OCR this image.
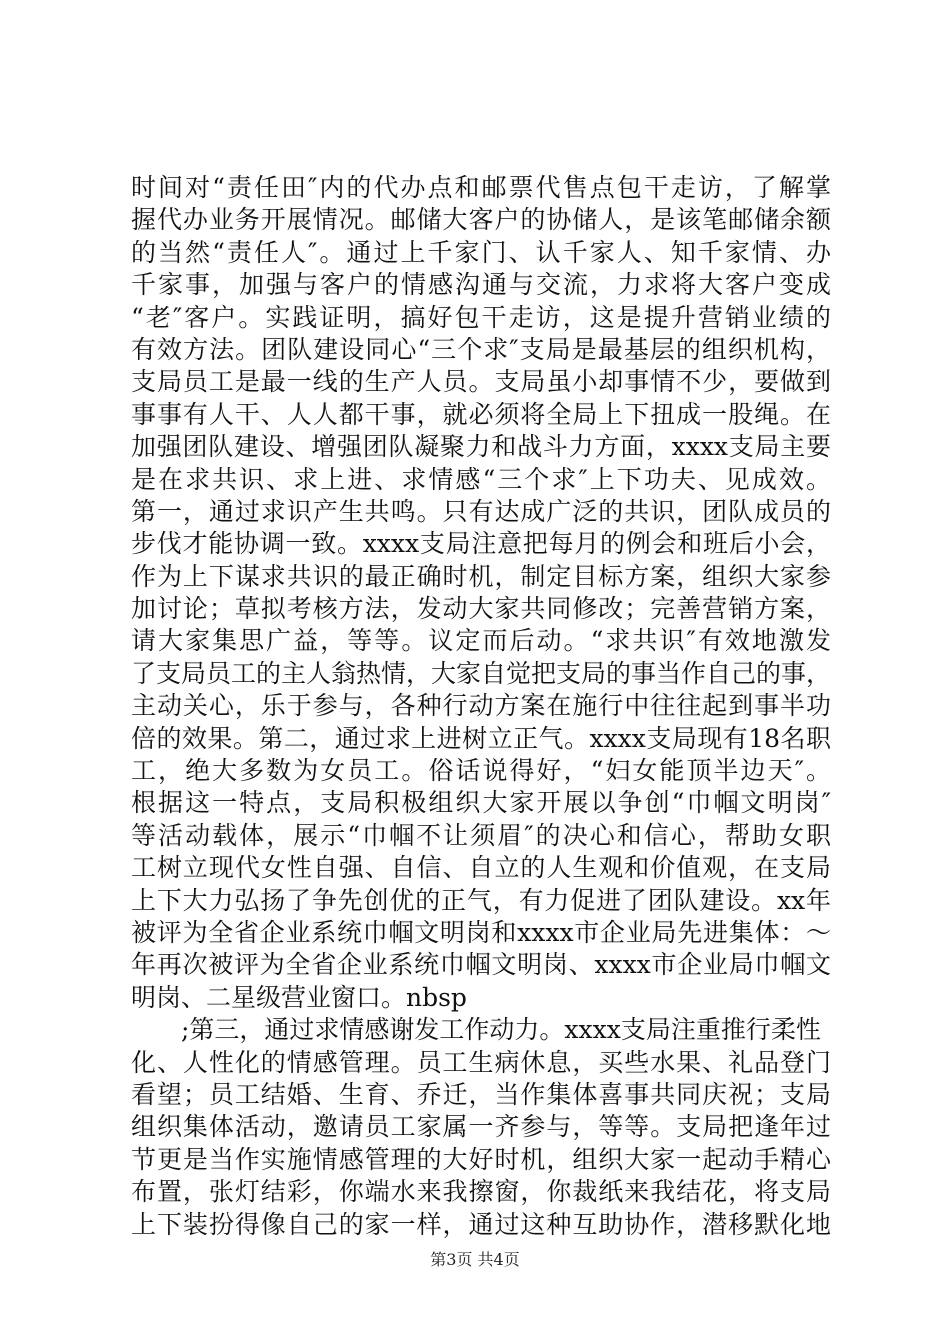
时间对“责任田″内的代办点和邮票代售点包干走访，了解掌
握代办业务开展情况。邮储大客户的协储人，是该笔邮储余额
的当然“责任人″。通过上千家门、认千家人、知千家情、办
千家事，加强与客户的情感沟通与交流，力求将大客户变成
“老″客户。实践证明，搞好包干走访，这是提升营销业绩的
有效方法。团队建设同心“三个求″支局是最基层的组织机构，
支局员工是最一线的生产人员。支局虽小却事情不少，要做到
事事有人干、人人都干事，就必须将全局上下扭成一股绳。在
加强团队建设、增强团队凝聚力和战斗力方面，xxxx支局主要
是在求共识、求上进、求情感“三个求″上下功夫、见成效。
第一，通过求识产生共鸣。只有达成广泛的共识，团队成员的
步伐才能协调一致。xxxx支局注意把每月的例会和班后小会，
作为上下谋求共识的最正确时机，制定目标方案，组织大家参
加讨论；草拟考核方法，发动大家共同修改；完善营销方案，
请大家集思广益，等等。议定而后动。“求共识″有效地激发
了支局员工的主人翁热情，大家自觉把支局的事当作自己的事，
主动关心，乐于参与，各种行动方案在施行中往往起到事半功
倍的效果。第二，通过求上进树立正气。xxxx支局现有18名职
工，绝大多数为女员工。俗话说得好，“妇女能顶半边天″。
根据这一特点，支局积极组织大家开展以争创“巾帼文明岗″
等活动载体，展示“巾帼不让须眉″的决心和信心，帮助女职
工树立现代女性自强、自信、自立的人生观和价值观，在支局
上下大力弘扬了争先创优的正气，有力促进了团队建设。xx年
被评为全省企业系统巾帼文明岗和xxxx市企业局先进集体：～
年再次被评为全省企业系统巾帼文明岗、xxxx市企业局巾帼文
明岗、二星级营业窗口。nbsp
;第三，通过求情感谢发工作动力。xxxx支局注重推行柔性
化、人性化的情感管理。员工生病休息，买些水果、礼品登门
看望；员工结婚、生育、乔迁，当作集体喜事共同庆祝；支局
组织集体活动，邀请员工家属一齐参与，等等。支局把逢年过
节更是当作实施情感管理的大好时机，组织大家一起动手精心
布置，张灯结彩，你端水来我擦窗，你裁纸来我结花，将支局
上下装扮得像自己的家一样，通过这种互助协作，潜移默化地
第3页 共4页
